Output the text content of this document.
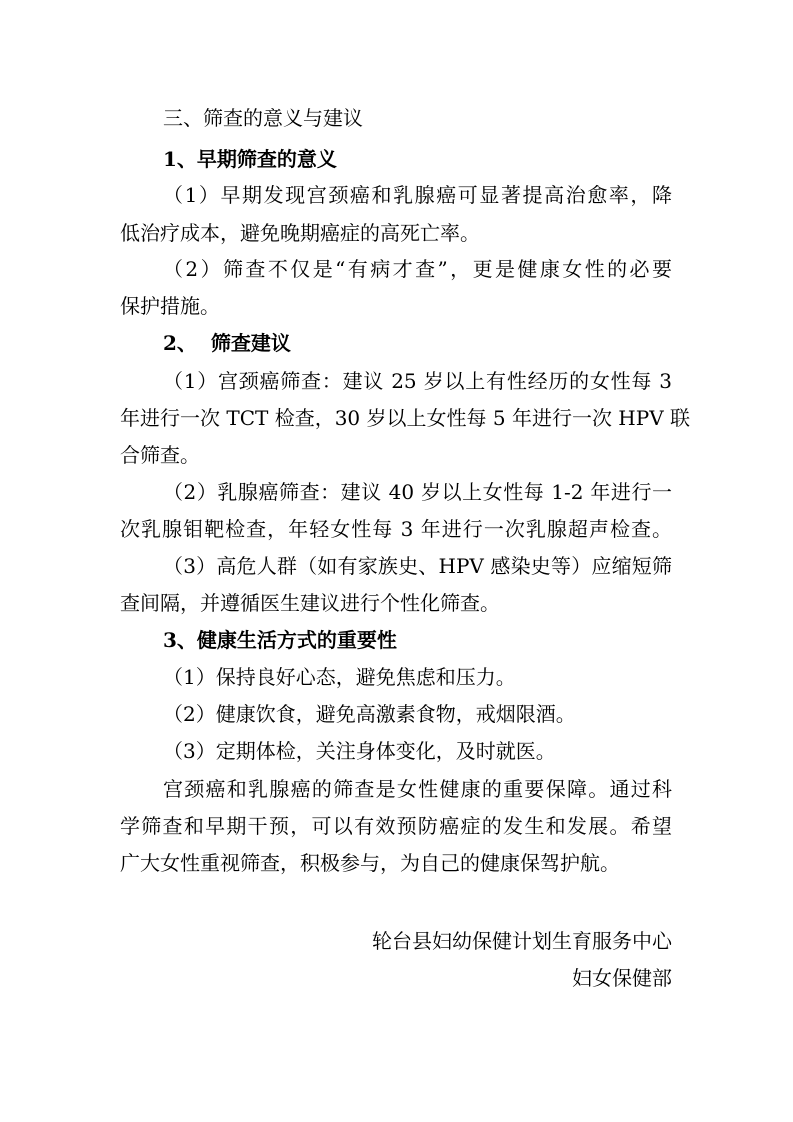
三、筛查的意义与建议
1、早期筛查的意义
（1）早期发现宫颈癌和乳腺癌可显著提高治愈率，降
低治疗成本，避免晚期癌症的高死亡率。
（2）筛查不仅是“有病才查”，更是健康女性的必要
保护措施。
2、  筛查建议
（1）宫颈癌筛查：建议 25 岁以上有性经历的女性每 3
年进行一次 TCT 检查，30 岁以上女性每 5 年进行一次 HPV 联
合筛查。
（2）乳腺癌筛查：建议 40 岁以上女性每 1-2 年进行一
次乳腺钼靶检查，年轻女性每 3 年进行一次乳腺超声检查。
（3）高危人群（如有家族史、HPV 感染史等）应缩短筛
查间隔，并遵循医生建议进行个性化筛查。
3、健康生活方式的重要性
（1）保持良好心态，避免焦虑和压力。
（2）健康饮食，避免高激素食物，戒烟限酒。
（3）定期体检，关注身体变化，及时就医。
宫颈癌和乳腺癌的筛查是女性健康的重要保障。通过科
学筛查和早期干预，可以有效预防癌症的发生和发展。希望
广大女性重视筛查，积极参与，为自己的健康保驾护航。
轮台县妇幼保健计划生育服务中心
妇女保健部
